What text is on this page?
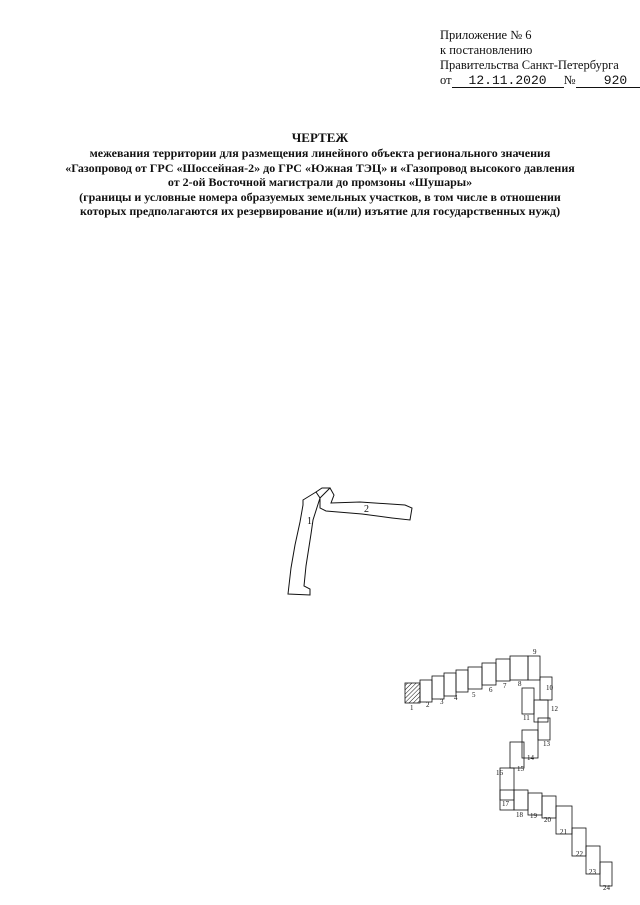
Приложение № 6
к постановлению
Правительства Санкт-Петербурга
от 12.11.2020 № 920
ЧЕРТЕЖ
межевания территории для размещения линейного объекта регионального значения
«Газопровод от ГРС «Шоссейная-2» до ГРС «Южная ТЭЦ» и «Газопровод высокого давления
от 2-ой Восточной магистрали до промзоны «Шушары»
(границы и условные номера образуемых земельных участков, в том числе в отношении
которых предполагаются их резервирование и(или) изъятие для государственных нужд)
1
2
1 2 3 4 5
6 7 8
9
10
11
12
13
14
15
16
17
18 19 20
21
22
23
24
